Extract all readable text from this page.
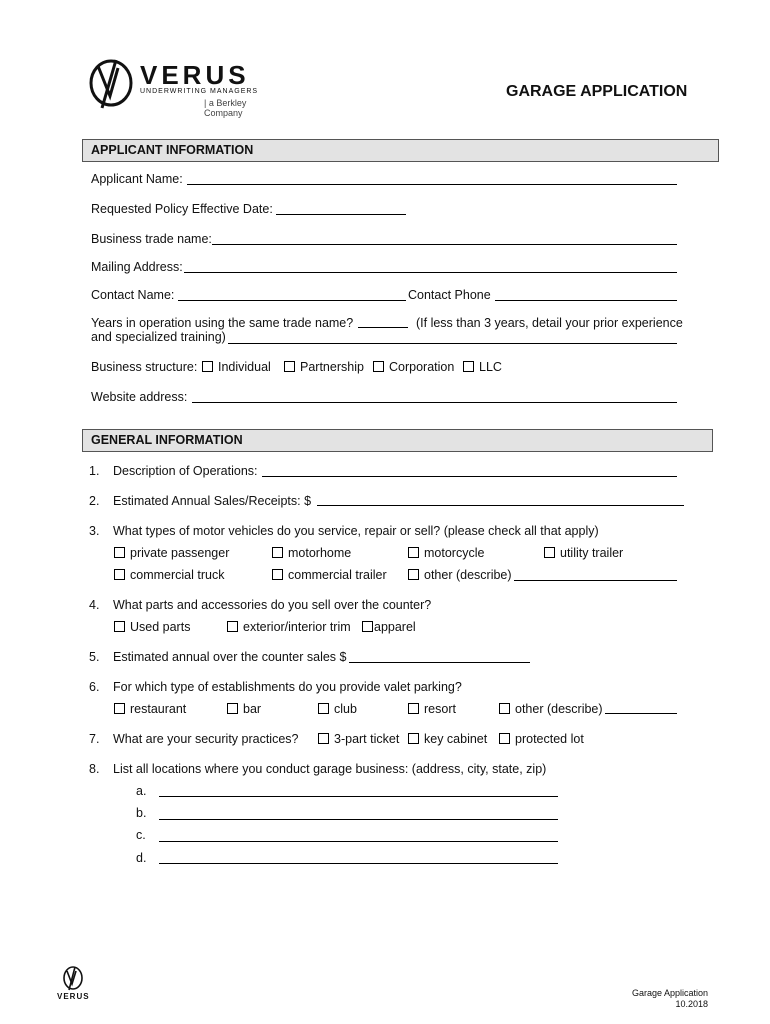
VERUS
UNDERWRITING MANAGERS
| a Berkley Company
GARAGE APPLICATION
APPLICANT INFORMATION
Applicant Name:
Requested Policy Effective Date:
Business trade name:
Mailing Address:
Contact Name:	Contact Phone
Years in operation using the same trade name?	(If less than 3 years, detail your prior experience
and specialized training)
Business structure:	Individual	Partnership	Corporation	LLC
Website address:
GENERAL INFORMATION
1. Description of Operations:
2. Estimated Annual Sales/Receipts: $
3. What types of motor vehicles do you service, repair or sell? (please check all that apply)
private passenger	motorhome	motorcycle	utility trailer
commercial truck	commercial trailer	other (describe)
4. What parts and accessories do you sell over the counter?
Used parts	exterior/interior trim	apparel
5. Estimated annual over the counter sales $
6. For which type of establishments do you provide valet parking?
restaurant	bar	club	resort	other (describe)
7. What are your security practices?	3-part ticket	key cabinet	protected lot
8. List all locations where you conduct garage business: (address, city, state, zip)
a.
b.
c.
d.
VERUS	Garage Application
10.2018
